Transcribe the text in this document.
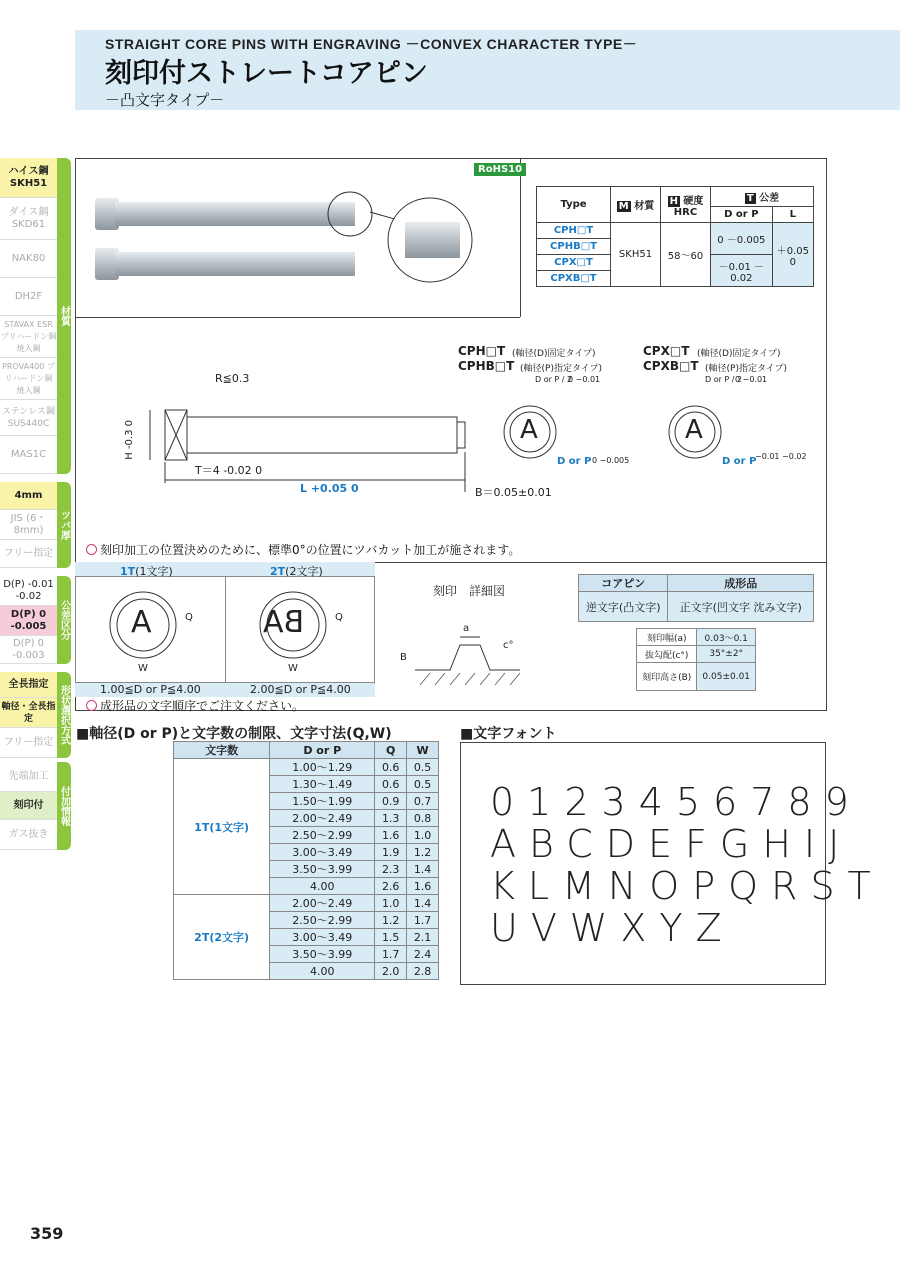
STRAIGHT CORE PINS WITH ENGRAVING －CONVEX CHARACTER TYPE－
刻印付ストレートコアピン
－凸文字タイプ－
ハイス鋼 SKH51
ダイス鋼 SKD61
NAK80
DH2F
STAVAX ESR プリハードン鋼 焼入鋼
PROVA400 プリハードン鋼 焼入鋼
ステンレス鋼 SUS440C
MAS1C
材質
4mm
JIS (6・8mm)
フリー指定
ツバ厚
D(P) -0.01 -0.02
D(P) 0 -0.005
D(P) 0 -0.003
公差区分
全長指定
軸径・全長指定
フリー指定 形状選択方式
先端加工
刻印付
ガス抜き
付加情報
RoHS10
Type	M 材質	H 硬度
HRC	T 公差	
			D or P	L
CPH□T	SKH51	58～60	0 －0.005	＋0.05 0
CPHB□T				
CPX□T			－0.01 －0.02	
CPXB□T				
R≦0.3
H -0.3 0
T＝4 -0.02 0
L +0.05 0	B＝0.05±0.01
CPH□T (軸径(D)固定タイプ)
CPHB□T (軸径(P)指定タイプ)
CPX□T (軸径(D)固定タイプ)
CPXB□T (軸径(P)指定タイプ)
A
D or P / 2
0 −0.01
D or P 0 −0.005
A
D or P / 2
0 −0.01
D or P
−0.01 −0.02
刻印加工の位置決めのために、標準0°の位置にツバカット加工が施されます。
1T(1文字)	2T(2文字)
A	BA
Q	Q
W	W
1.00≦D or P≦4.00	2.00≦D or P≦4.00
成形品の文字順序でご注文ください。
刻印　詳細図
a
c°
B
コアピン	成形品
逆文字(凸文字)	正文字(凹文字 沈み文字)
刻印幅(a)	0.03～0.1
抜勾配(c°)	35°±2°
刻印高さ(B)	0.05±0.01
■軸径(D or P)と文字数の制限、文字寸法(Q,W)
文字数	D or P	Q	W
1T(1文字)	1.00～1.29	0.6	0.5
	1.30～1.49	0.6	0.5
	1.50～1.99	0.9	0.7
	2.00～2.49	1.3	0.8
	2.50～2.99	1.6	1.0
	3.00～3.49	1.9	1.2
	3.50～3.99	2.3	1.4
	4.00	2.6	1.6
2T(2文字)	2.00～2.49	1.0	1.4
	2.50～2.99	1.2	1.7
	3.00～3.49	1.5	2.1
	3.50～3.99	1.7	2.4
	4.00	2.0	2.8
■文字フォント
0123456789
ABCDEFGHIJ
KLMNOPQRST
UVWXYZ
359
